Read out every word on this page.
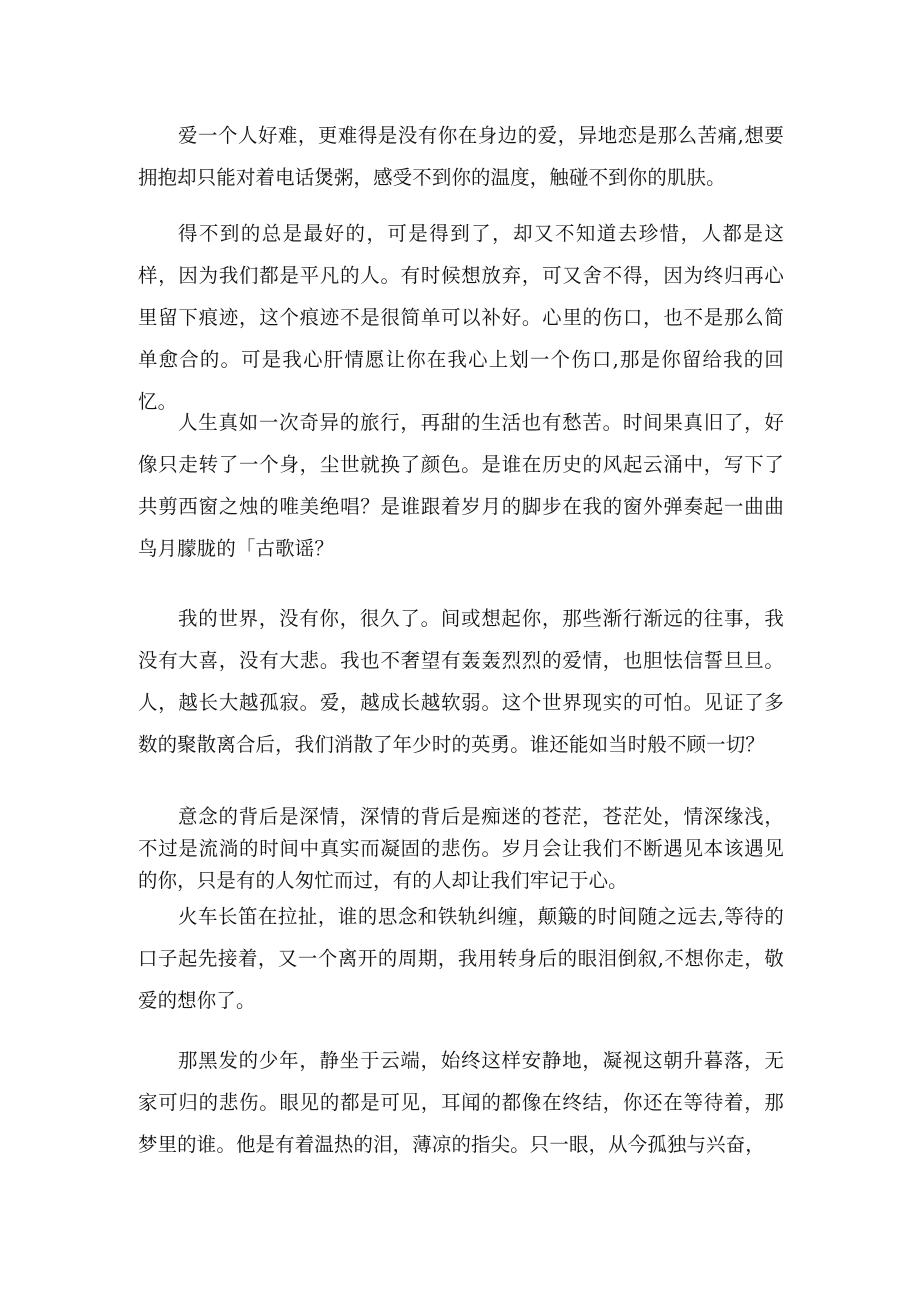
爱一个人好难，更难得是没有你在身边的爱，异地恋是那么苦痛,想要拥抱却只能对着电话煲粥，感受不到你的温度，触碰不到你的肌肤。

得不到的总是最好的，可是得到了，却又不知道去珍惜，人都是这样，因为我们都是平凡的人。有时候想放弃，可又舍不得，因为终归再心里留下痕迹，这个痕迹不是很简单可以补好。心里的伤口，也不是那么简单愈合的。可是我心肝情愿让你在我心上划一个伤口,那是你留给我的回忆。

人生真如一次奇异的旅行，再甜的生活也有愁苦。时间果真旧了，好像只走转了一个身，尘世就换了颜色。是谁在历史的风起云涌中，写下了共剪西窗之烛的唯美绝唱？是谁跟着岁月的脚步在我的窗外弹奏起一曲曲鸟月朦胧的「古歌谣？

我的世界，没有你，很久了。间或想起你，那些渐行渐远的往事，我没有大喜，没有大悲。我也不奢望有轰轰烈烈的爱情，也胆怯信誓旦旦。人，越长大越孤寂。爱，越成长越软弱。这个世界现实的可怕。见证了多数的聚散离合后，我们消散了年少时的英勇。谁还能如当时般不顾一切？

意念的背后是深情，深情的背后是痴迷的苍茫，苍茫处，情深缘浅，不过是流淌的时间中真实而凝固的悲伤。岁月会让我们不断遇见本该遇见的你，只是有的人匆忙而过，有的人却让我们牢记于心。

火车长笛在拉扯，谁的思念和铁轨纠缠，颠簸的时间随之远去,等待的口子起先接着，又一个离开的周期，我用转身后的眼泪倒叙,不想你走，敬爱的想你了。

那黑发的少年，静坐于云端，始终这样安静地，凝视这朝升暮落，无家可归的悲伤。眼见的都是可见，耳闻的都像在终结，你还在等待着，那梦里的谁。他是有着温热的泪，薄凉的指尖。只一眼，从今孤独与兴奋，
